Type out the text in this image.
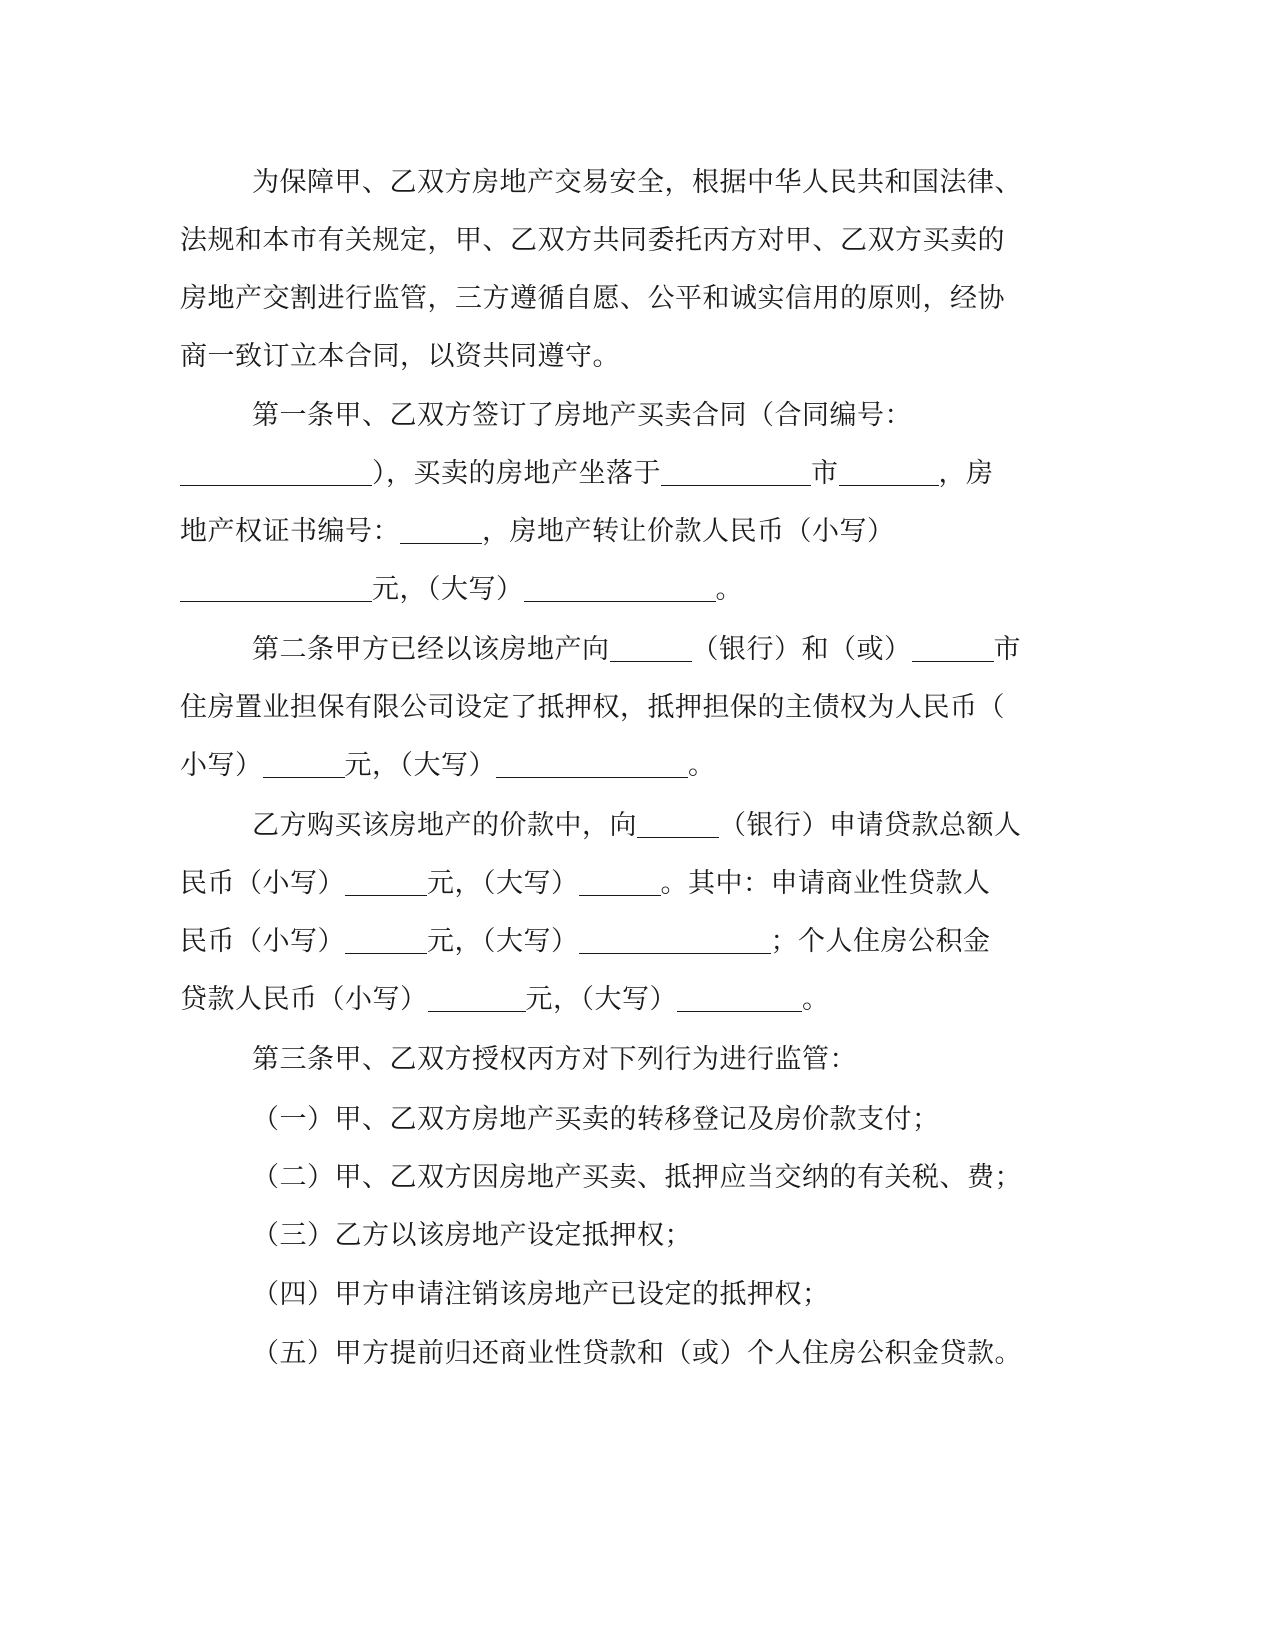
为保障甲、乙双方房地产交易安全，根据中华人民共和国法律、
法规和本市有关规定，甲、乙双方共同委托丙方对甲、乙双方买卖的
房地产交割进行监管，三方遵循自愿、公平和诚实信用的原则，经协
商一致订立本合同，以资共同遵守。
第一条甲、乙双方签订了房地产买卖合同（合同编号：
），买卖的房地产坐落于	市	，房
地产权证书编号：	，房地产转让价款人民币（小写）
元，（大写）	。
第二条甲方已经以该房地产向	（银行）和（或）	市
住房置业担保有限公司设定了抵押权，抵押担保的主债权为人民币（
小写）	元，（大写）	。
乙方购买该房地产的价款中，向	（银行）申请贷款总额人
民币（小写）	元，（大写）	。其中：申请商业性贷款人
民币（小写）	元，（大写）	；个人住房公积金
贷款人民币（小写）	元，（大写）	。
第三条甲、乙双方授权丙方对下列行为进行监管：
（一）甲、乙双方房地产买卖的转移登记及房价款支付；
（二）甲、乙双方因房地产买卖、抵押应当交纳的有关税、费；
（三）乙方以该房地产设定抵押权；
（四）甲方申请注销该房地产已设定的抵押权；
（五）甲方提前归还商业性贷款和（或）个人住房公积金贷款。
